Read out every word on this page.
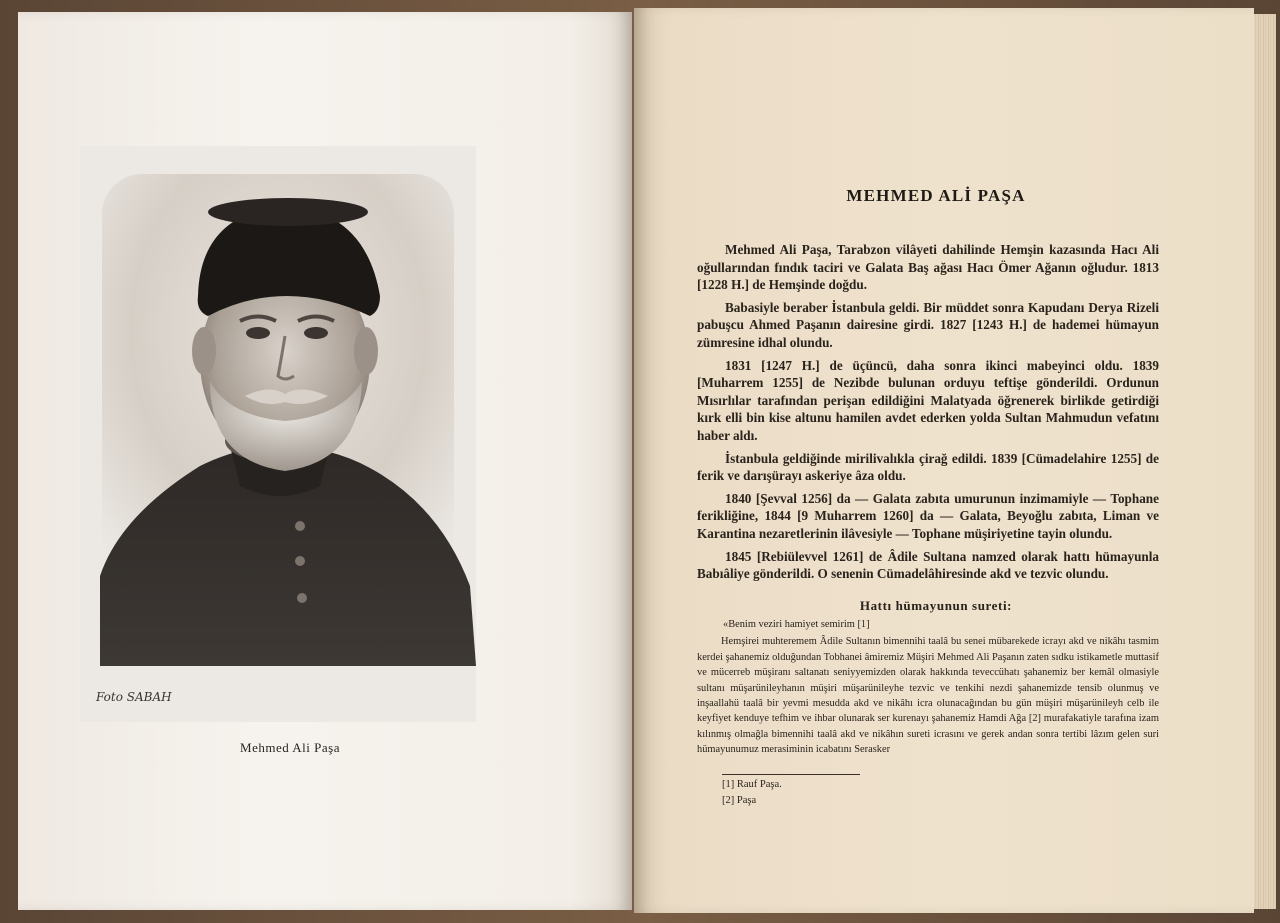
Foto SABAH
Mehmed Ali Paşa
MEHMED ALİ PAŞA

Mehmed Ali Paşa, Tarabzon vilâyeti dahilinde Hemşin kazasında Hacı Ali oğullarından fındık taciri ve Galata Baş ağası Hacı Ömer Ağanın oğludur. 1813 [1228 H.] de Hemşinde doğdu.

Babasiyle beraber İstanbula geldi. Bir müddet sonra Kapudanı Derya Rizeli pabuşcu Ahmed Paşanın dairesine girdi. 1827 [1243 H.] de hademei hümayun zümresine idhal olundu.

1831 [1247 H.] de üçüncü, daha sonra ikinci mabeyinci oldu. 1839 [Muharrem 1255] de Nezibde bulunan orduyu teftişe gönderildi. Ordunun Mısırlılar tarafından perişan edildiğini Malatyada öğrenerek birlikde getirdiği kırk elli bin kise altunu hamilen avdet ederken yolda Sultan Mahmudun vefatını haber aldı.

İstanbula geldiğinde mirilivalıkla çirağ edildi. 1839 [Cümadelahire 1255] de ferik ve darışürayı askeriye âza oldu.

1840 [Şevval 1256] da — Galata zabıta umurunun inzimamiyle — Tophane ferikliğine, 1844 [9 Muharrem 1260] da — Galata, Beyoğlu zabıta, Liman ve Karantina nezaretlerinin ilâvesiyle — Tophane müşiriyetine tayin olundu.

1845 [Rebiülevvel 1261] de Âdile Sultana namzed olarak hattı hümayunla Babıâliye gönderildi. O senenin Cümadelâhiresinde akd ve tezvic olundu.

Hattı hümayunun sureti:

«Benim veziri hamiyet semirim [1]

Hemşirei muhteremem Âdile Sultanın bimennihi taalâ bu senei mübarekede icrayı akd ve nikâhı tasmim kerdei şahanemiz olduğundan Tobhanei âmiremiz Müşiri Mehmed Ali Paşanın zaten sıdku istikametle muttasif ve mücerreb müşiranı saltanatı seniyyemizden olarak hakkında teveccühatı şahanemiz ber kemâl olmasiyle sultanı müşarünileyhanın müşiri müşarünileyhe tezvic ve tenkihi nezdi şahanemizde tensib olunmuş ve inşaallahü taalâ bir yevmi mesudda akd ve nikâhı icra olunacağından bu gün müşiri müşarünileyh celb ile keyfiyet kenduye tefhim ve ihbar olunarak ser kurenayı şahanemiz Hamdi Ağa [2] murafakatiyle tarafına izam kılınmış olmağla bimennihi taalâ akd ve nikâhın sureti icrasını ve gerek andan sonra tertibi lâzım gelen suri hümayunumuz merasiminin icabatını Serasker

[1] Rauf Paşa.
[2] Paşa
